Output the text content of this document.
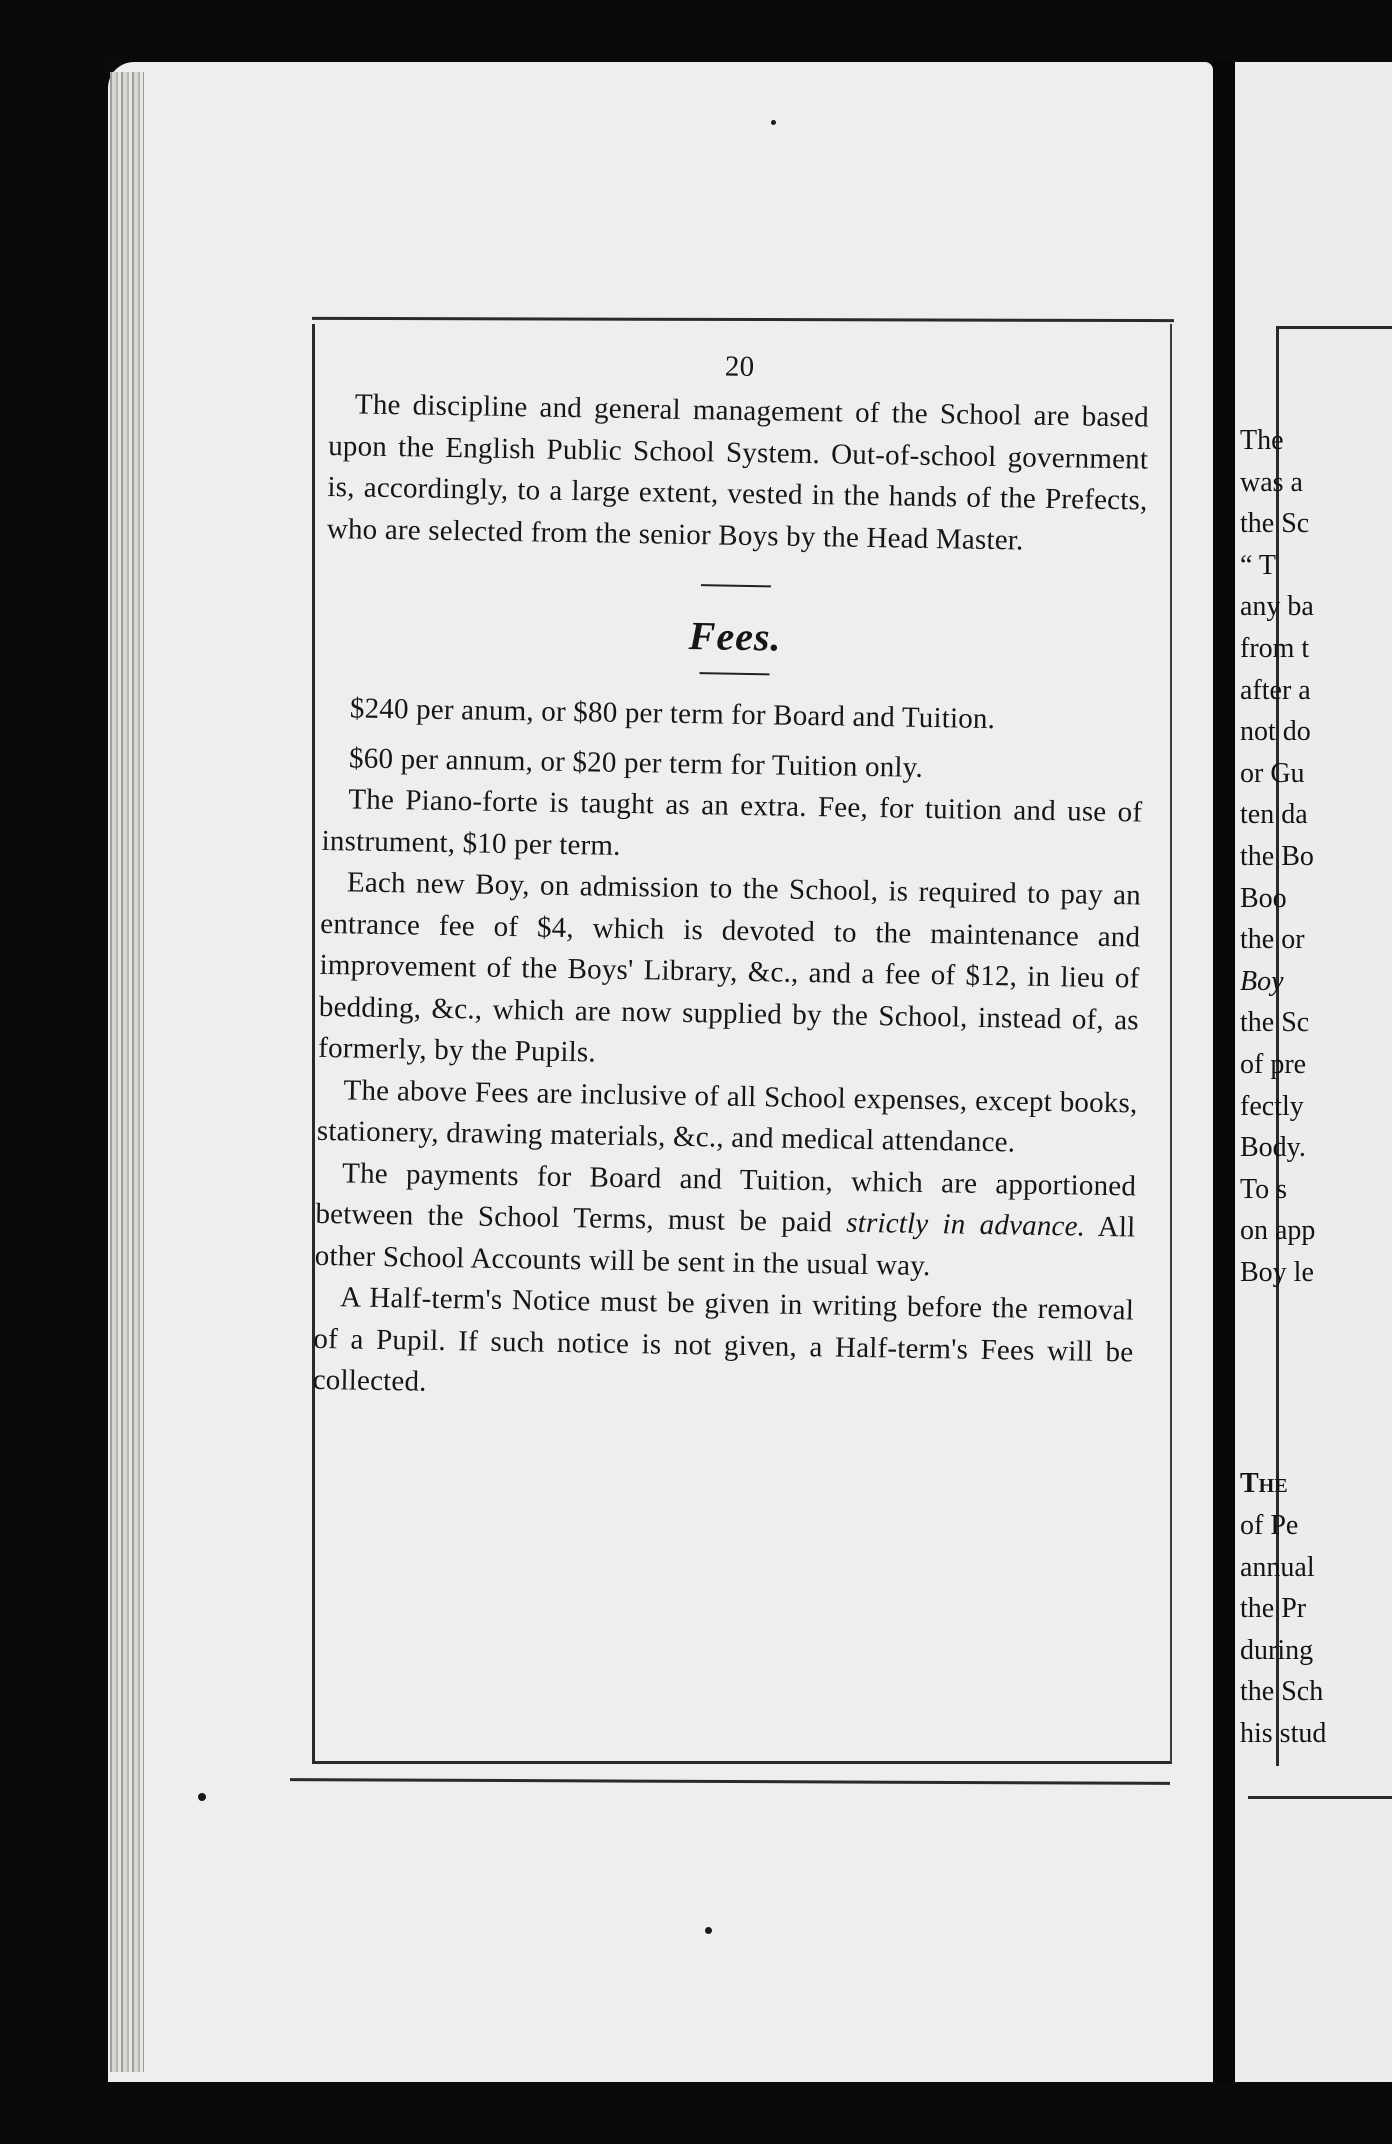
20

The discipline and general management of the School are based upon the English Public School System. Out-of-school government is, accordingly, to a large extent, vested in the hands of the Prefects, who are selected from the senior Boys by the Head Master.

Fees.

$240 per anum, or $80 per term for Board and Tuition.

$60 per annum, or $20 per term for Tuition only.

The Piano-forte is taught as an extra. Fee, for tuition and use of instrument, $10 per term.

Each new Boy, on admission to the School, is required to pay an entrance fee of $4, which is devoted to the maintenance and improvement of the Boys' Library, &c., and a fee of $12, in lieu of bedding, &c., which are now supplied by the School, instead of, as formerly, by the Pupils.

The above Fees are inclusive of all School expenses, except books, stationery, drawing materials, &c., and medical attendance.

The payments for Board and Tuition, which are apportioned between the School Terms, must be paid strictly in advance. All other School Accounts will be sent in the usual way.

A Half-term's Notice must be given in writing before the removal of a Pupil. If such notice is not given, a Half-term's Fees will be collected.

The
was a
the Sc
“ T
any ba
from t
after a
not do
or Gu
ten da
the Bo
Boo
the or
Boy
the Sc
of pre
fectly
Body.
To s
on app
Boy le
The
of Pe
annual
the Pr
during
the Sch
his stud
